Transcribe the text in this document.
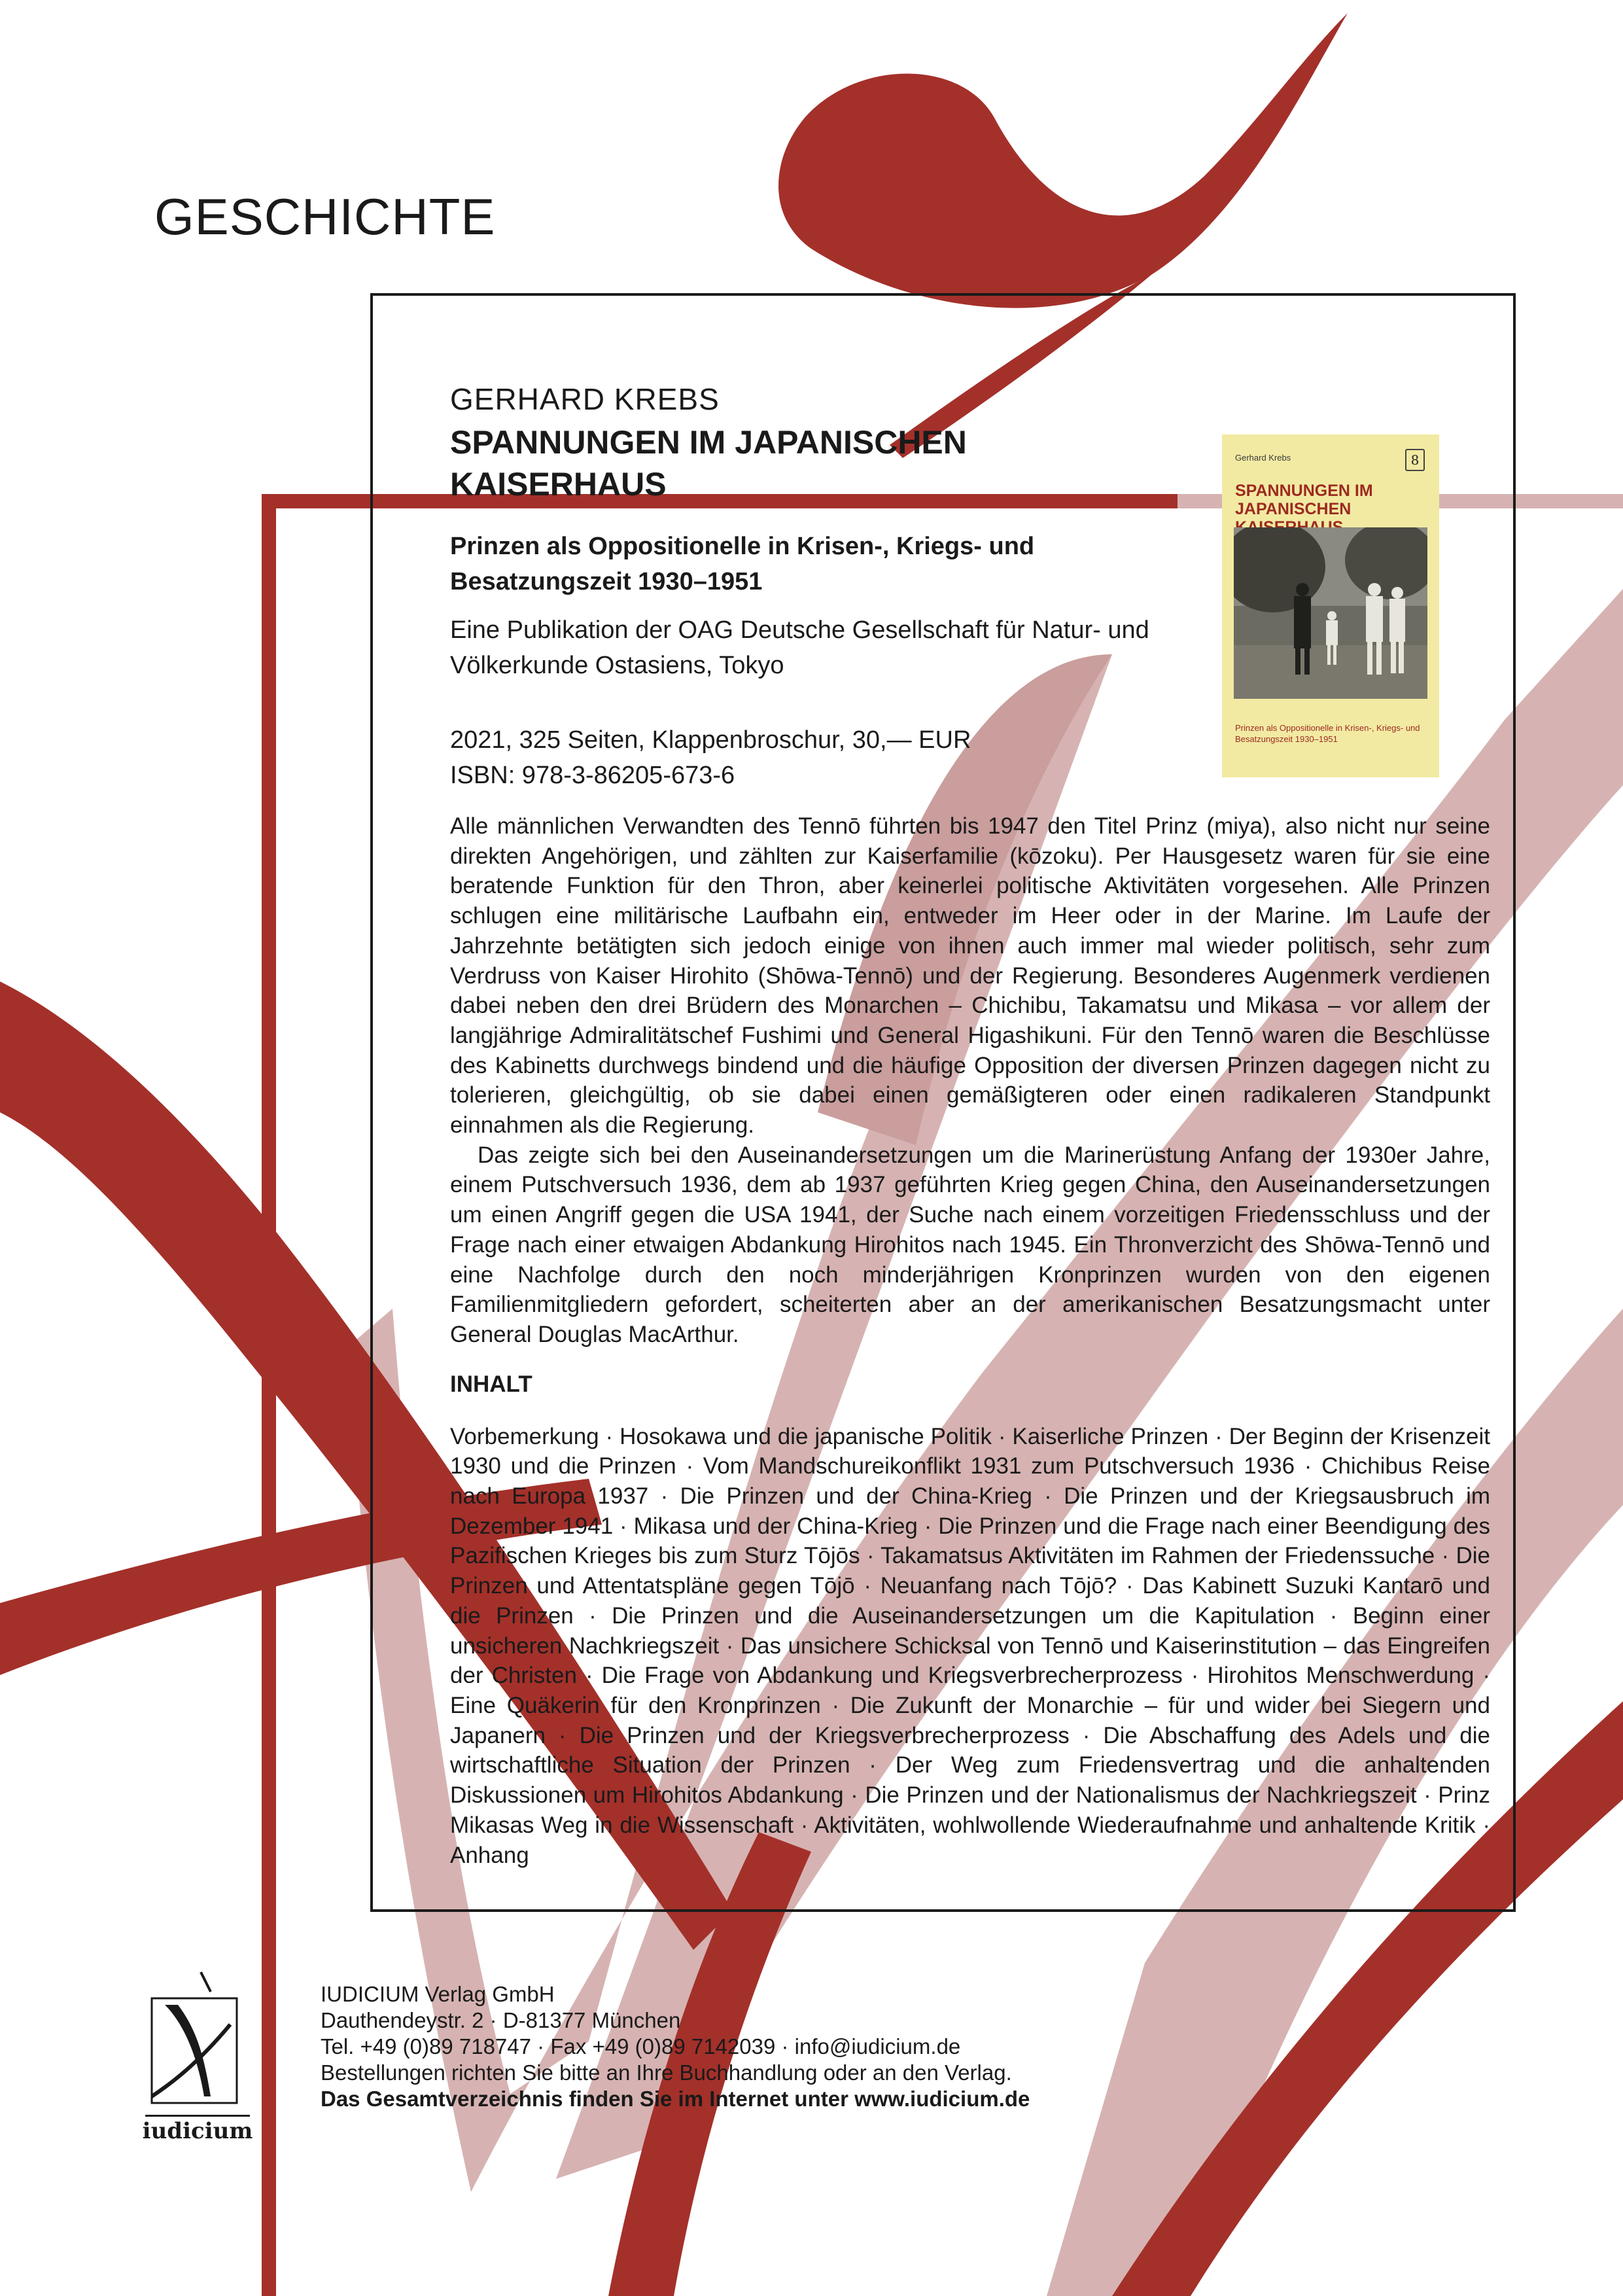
GESCHICHTE
Gerhard Krebs	8
SPANNUNGEN IM JAPANISCHEN
Prinzen als Oppositionelle in Krisen-, Kriegs- und Besatzungszeit 1930–1951

GERHARD KREBS

SPANNUNGEN IM JAPANISCHEN KAISERHAUS

Prinzen als Oppositionelle in Krisen-, Kriegs- und Besatzungszeit 1930–1951

Eine Publikation der OAG Deutsche Gesellschaft für Natur- und Völkerkunde Ostasiens, Tokyo

2021, 325 Seiten, Klappenbroschur, 30,— EUR

ISBN: 978-3-86205-673-6

Alle männlichen Verwandten des Tennō führten bis 1947 den Titel Prinz (miya), also nicht nur seine direkten Angehörigen, und zählten zur Kaiserfamilie (kōzoku). Per Hausgesetz waren für sie eine beratende Funktion für den Thron, aber keinerlei politische Aktivitäten vorgesehen. Alle Prinzen schlugen eine militärische Laufbahn ein, entweder im Heer oder in der Marine. Im Laufe der Jahrzehnte betätigten sich jedoch einige von ihnen auch immer mal wieder politisch, sehr zum Verdruss von Kaiser Hirohito (Shōwa-Tennō) und der Regierung. Besonderes Augenmerk verdienen dabei neben den drei Brüdern des Monarchen – Chichibu, Takamatsu und Mikasa – vor allem der langjährige Admiralitätschef Fushimi und General Higashikuni. Für den Tennō waren die Beschlüsse des Kabinetts durchwegs bindend und die häufige Opposition der diversen Prinzen dagegen nicht zu tolerieren, gleichgültig, ob sie dabei einen gemäßigteren oder einen radikaleren Standpunkt einnahmen als die Regierung.

Das zeigte sich bei den Auseinandersetzungen um die Marinerüstung Anfang der 1930er Jahre, einem Putschversuch 1936, dem ab 1937 geführten Krieg gegen China, den Auseinandersetzungen um einen Angriff gegen die USA 1941, der Suche nach einem vorzeitigen Friedensschluss und der Frage nach einer etwaigen Abdankung Hirohitos nach 1945. Ein Thronverzicht des Shōwa-Tennō und eine Nachfolge durch den noch minderjährigen Kronprinzen wurden von den eigenen Familienmitgliedern gefordert, scheiterten aber an der amerikanischen Besatzungsmacht unter General Douglas MacArthur.

INHALT

Vorbemerkung · Hosokawa und die japanische Politik · Kaiserliche Prinzen · Der Beginn der Krisenzeit 1930 und die Prinzen · Vom Mandschureikonflikt 1931 zum Putschversuch 1936 · Chichibus Reise nach Europa 1937 · Die Prinzen und der China-Krieg · Die Prinzen und der Kriegsausbruch im Dezember 1941 · Mikasa und der China-Krieg · Die Prinzen und die Frage nach einer Beendigung des Pazifischen Krieges bis zum Sturz Tōjōs · Takamatsus Aktivitäten im Rahmen der Friedenssuche · Die Prinzen und Attentatspläne gegen Tōjō · Neuanfang nach Tōjō? · Das Kabinett Suzuki Kantarō und die Prinzen · Die Prinzen und die Auseinandersetzungen um die Kapitulation · Beginn einer unsicheren Nachkriegszeit · Das unsichere Schicksal von Tennō und Kaiserinstitution – das Eingreifen der Christen · Die Frage von Abdankung und Kriegsverbrecherprozess · Hirohitos Menschwerdung · Eine Quäkerin für den Kronprinzen · Die Zukunft der Monarchie – für und wider bei Siegern und Japanern · Die Prinzen und der Kriegsverbrecherprozess · Die Abschaffung des Adels und die wirtschaftliche Situation der Prinzen · Der Weg zum Friedensvertrag und die anhaltenden Diskussionen um Hirohitos Abdankung · Die Prinzen und der Nationalismus der Nachkriegszeit · Prinz Mikasas Weg in die Wissenschaft · Aktivitäten, wohlwollende Wiederaufnahme und anhaltende Kritik · Anhang

iudicium

IUDICIUM Verlag GmbH

Dauthendeystr. 2 · D-81377 München

Tel. +49 (0)89 718747 · Fax +49 (0)89 7142039 · info@iudicium.de

Bestellungen richten Sie bitte an Ihre Buchhandlung oder an den Verlag.

Das Gesamtverzeichnis finden Sie im Internet unter www.iudicium.de
